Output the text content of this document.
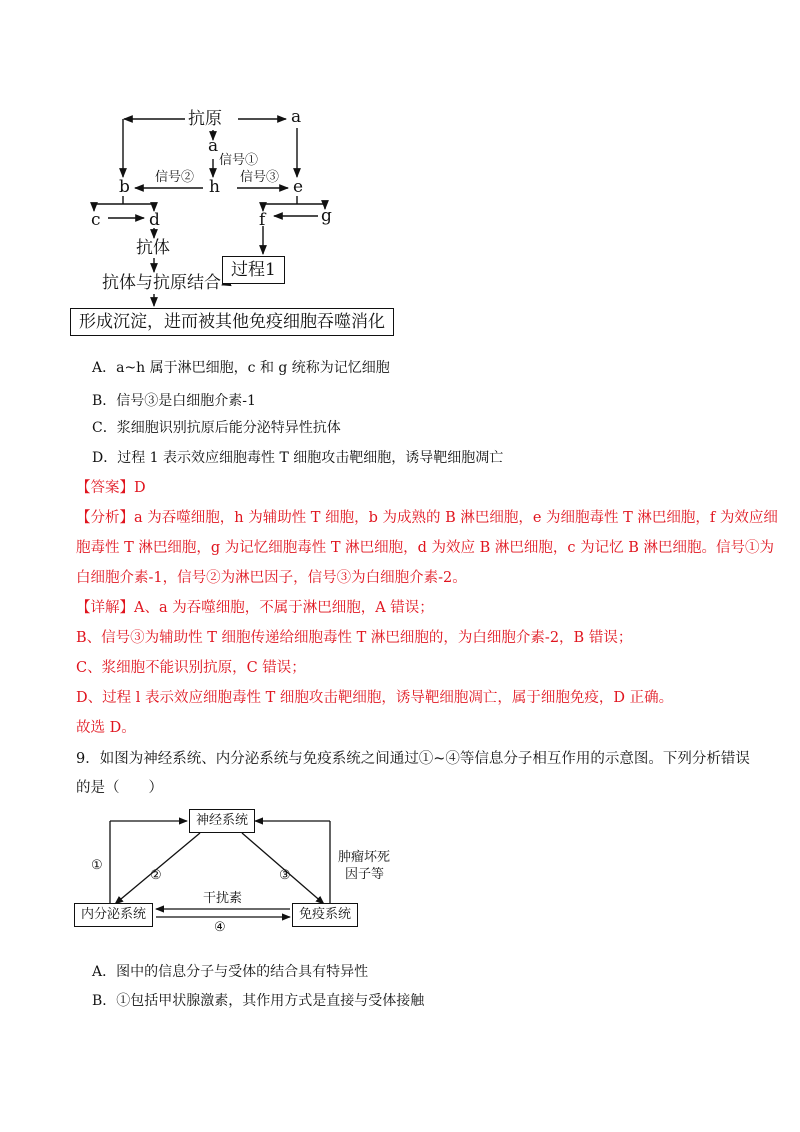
抗原	a
a
信号①
h
信号②	信号③
b	e
c	d	f	g
抗体
抗体与抗原结合
过程1
形成沉淀，进而被其他免疫细胞吞噬消化
A．a~h 属于淋巴细胞，c 和 g 统称为记忆细胞
B．信号③是白细胞介素-1
C．浆细胞识别抗原后能分泌特异性抗体
D．过程 1 表示效应细胞毒性 T 细胞攻击靶细胞，诱导靶细胞凋亡
【答案】D
【分析】a 为吞噬细胞，h 为辅助性 T 细胞，b 为成熟的 B 淋巴细胞，e 为细胞毒性 T 淋巴细胞，f 为效应细
胞毒性 T 淋巴细胞，g 为记忆细胞毒性 T 淋巴细胞，d 为效应 B 淋巴细胞，c 为记忆 B 淋巴细胞。信号①为
白细胞介素-1，信号②为淋巴因子，信号③为白细胞介素-2。
【详解】A、a 为吞噬细胞，不属于淋巴细胞，A 错误；
B、信号③为辅助性 T 细胞传递给细胞毒性 T 淋巴细胞的，为白细胞介素-2，B 错误；
C、浆细胞不能识别抗原，C 错误；
D、过程 l 表示效应细胞毒性 T 细胞攻击靶细胞，诱导靶细胞凋亡，属于细胞免疫，D 正确。
故选 D。
9．如图为神经系统、内分泌系统与免疫系统之间通过①~④等信息分子相互作用的示意图。下列分析错误
的是（　　）
神经系统
内分泌系统	免疫系统
①
②	③
④
干扰素
肿瘤坏死
因子等
A．图中的信息分子与受体的结合具有特异性
B．①包括甲状腺激素，其作用方式是直接与受体接触
